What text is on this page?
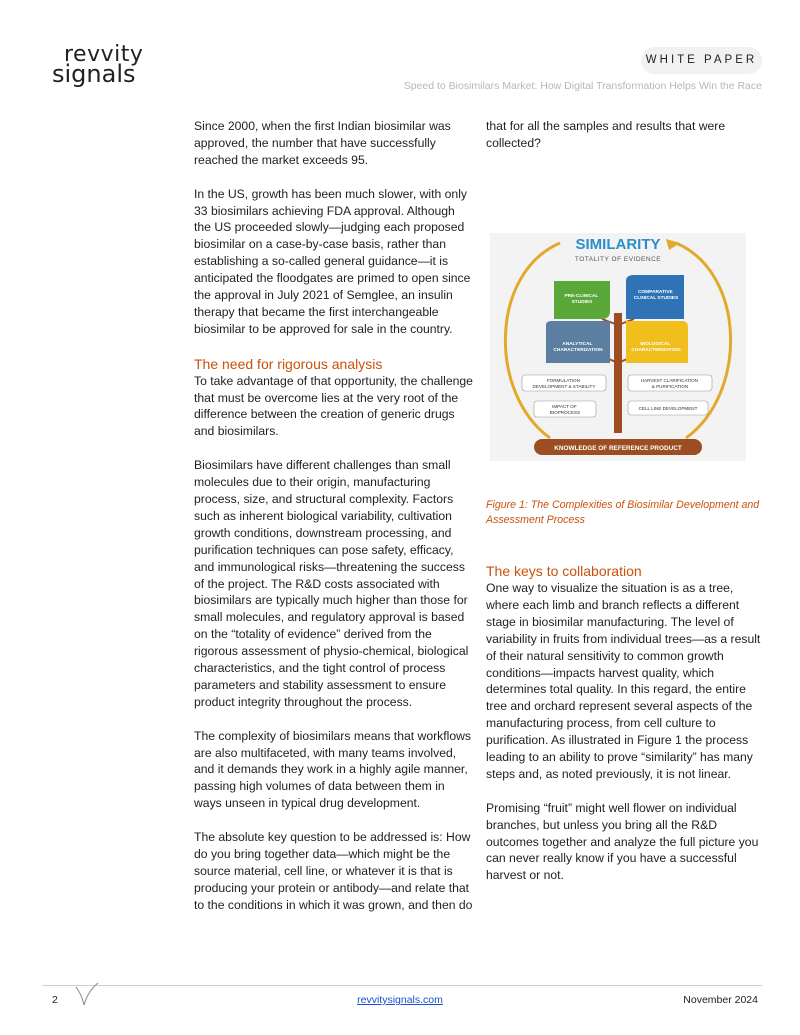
revvity
signals	WHITE PAPER
Speed to Biosimilars Market: How Digital Transformation Helps Win the Race

Since 2000, when the first Indian biosimilar was approved, the number that have successfully reached the market exceeds 95.

In the US, growth has been much slower, with only 33 biosimilars achieving FDA approval. Although the US proceeded slowly—judging each proposed biosimilar on a case-by-case basis, rather than establishing a so-called general guidance—it is anticipated the floodgates are primed to open since the approval in July 2021 of Semglee, an insulin therapy that became the first interchangeable biosimilar to be approved for sale in the country.

The need for rigorous analysis

To take advantage of that opportunity, the challenge that must be overcome lies at the very root of the difference between the creation of generic drugs and biosimilars.

Biosimilars have different challenges than small molecules due to their origin, manufacturing process, size, and structural complexity. Factors such as inherent biological variability, cultivation growth conditions, downstream processing, and purification techniques can pose safety, efficacy, and immunological risks—threatening the success of the project. The R&D costs associated with biosimilars are typically much higher than those for small molecules, and regulatory approval is based on the “totality of evidence” derived from the rigorous assessment of physio-chemical, biological characteristics, and the tight control of process parameters and stability assessment to ensure product integrity throughout the process.

The complexity of biosimilars means that workflows are also multifaceted, with many teams involved, and it demands they work in a highly agile manner, passing high volumes of data between them in ways unseen in typical drug development.

The absolute key question to be addressed is: How do you bring together data—which might be the source material, cell line, or whatever it is that is producing your protein or antibody—and relate that to the conditions in which it was grown, and then do

that for all the samples and results that were collected?

SIMILARITY
TOTALITY OF EVIDENCE
PRE-CLINICAL STUDIES
COMPARATIVE CLINICAL STUDIES
ANALYTICAL CHARACTERIZATION
BIOLOGICAL CHARACTERIZATION
FORMULATION DEVELOPMENT & STABILITY
IMPACT OF BIOPROCESS
HARVEST CLARIFICATION & PURIFICATION
CELL LINE DEVELOPMENT
KNOWLEDGE OF REFERENCE PRODUCT
Figure 1: The Complexities of Biosimilar Development and Assessment Process
The keys to collaboration

One way to visualize the situation is as a tree, where each limb and branch reflects a different stage in biosimilar manufacturing. The level of variability in fruits from individual trees—as a result of their natural sensitivity to common growth conditions—impacts harvest quality, which determines total quality. In this regard, the entire tree and orchard represent several aspects of the manufacturing process, from cell culture to purification. As illustrated in Figure 1 the process leading to an ability to prove “similarity” has many steps and, as noted previously, it is not linear.

Promising “fruit” might well flower on individual branches, but unless you bring all the R&D outcomes together and analyze the full picture you can never really know if you have a successful harvest or not.

2	revvitysignals.com	November 2024
